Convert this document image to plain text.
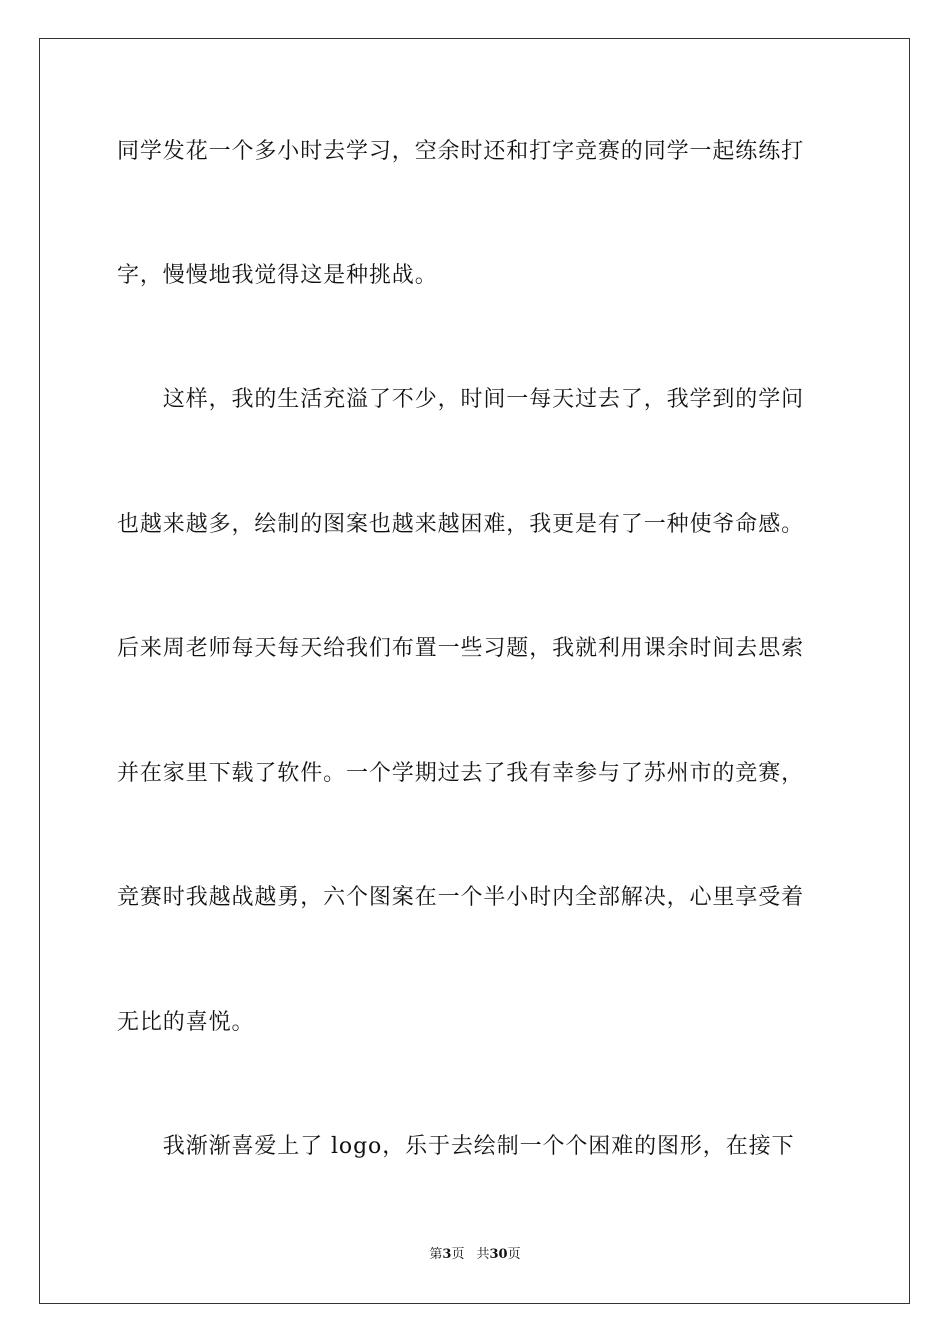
同学发花一个多小时去学习，空余时还和打字竞赛的同学一起练练打
字，慢慢地我觉得这是种挑战。
　　这样，我的生活充溢了不少，时间一每天过去了，我学到的学问
也越来越多，绘制的图案也越来越困难，我更是有了一种使爷命感。
后来周老师每天每天给我们布置一些习题，我就利用课余时间去思索
并在家里下载了软件。一个学期过去了我有幸参与了苏州市的竞赛，
竞赛时我越战越勇，六个图案在一个半小时内全部解决，心里享受着
无比的喜悦。
　　我渐渐喜爱上了 logo，乐于去绘制一个个困难的图形，在接下
第3页 共30页
